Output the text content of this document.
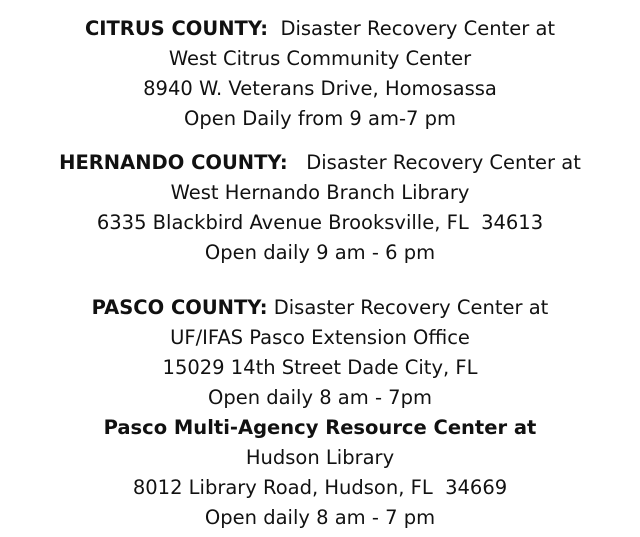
CITRUS COUNTY:  Disaster Recovery Center at
West Citrus Community Center
8940 W. Veterans Drive, Homosassa
Open Daily from 9 am-7 pm
HERNANDO COUNTY:   Disaster Recovery Center at
West Hernando Branch Library
6335 Blackbird Avenue Brooksville, FL  34613
Open daily 9 am - 6 pm
PASCO COUNTY: Disaster Recovery Center at
UF/IFAS Pasco Extension Office
15029 14th Street Dade City, FL
Open daily 8 am - 7pm
Pasco Multi-Agency Resource Center at
Hudson Library
8012 Library Road, Hudson, FL  34669
Open daily 8 am - 7 pm
